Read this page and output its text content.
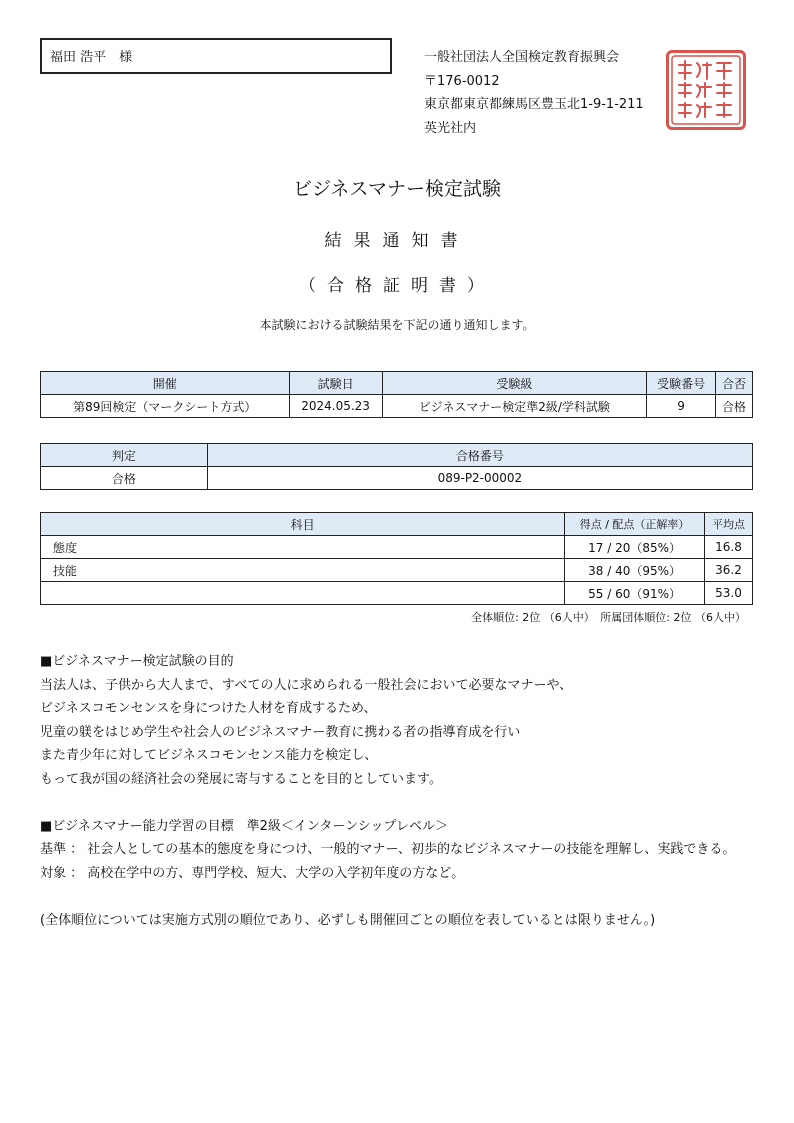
福田 浩平　様	一般社団法人全国検定教育振興会
〒176-0012
東京都東京都練馬区豊玉北1-9-1-211
英光社内
ビジネスマナー検定試験
結果通知書
（合格証明書）
本試験における試験結果を下記の通り通知します。
開催	試験日	受験級	受験番号	合否
第89回検定（マークシート方式）	2024.05.23	ビジネスマナー検定準2級/学科試験	9	合格
判定	合格番号
合格	089-P2-00002
科目	得点 / 配点（正解率）	平均点
態度	17 / 20（85%）	16.8
技能	38 / 40（95%）	36.2
	55 / 60（91%）	53.0
全体順位: 2位 （6人中）　所属団体順位: 2位 （6人中）

■ビジネスマナー検定試験の目的

当法人は、子供から大人まで、すべての人に求められる一般社会において必要なマナーや、

ビジネスコモンセンスを身につけた人材を育成するため、

児童の躾をはじめ学生や社会人のビジネスマナー教育に携わる者の指導育成を行い

また青少年に対してビジネスコモンセンス能力を検定し、

もって我が国の経済社会の発展に寄与することを目的としています。

■ビジネスマナー能力学習の目標　準2級＜インターンシップレベル＞

基準 ： 社会人としての基本的態度を身につけ、一般的マナー、初歩的なビジネスマナーの技能を理解し、実践できる。

対象 ： 高校在学中の方、専門学校、短大、大学の入学初年度の方など。

(全体順位については実施方式別の順位であり、必ずしも開催回ごとの順位を表しているとは限りません。)
